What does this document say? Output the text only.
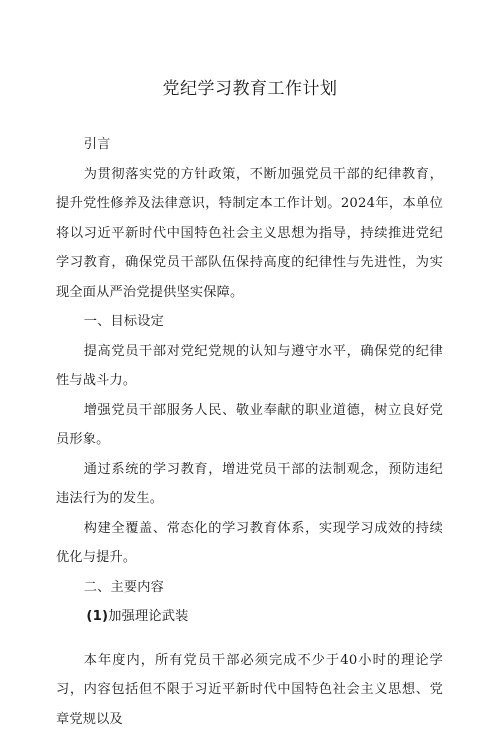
党纪学习教育工作计划

引言

为贯彻落实党的方针政策，不断加强党员干部的纪律教育，提升党性修养及法律意识，特制定本工作计划。2024年，本单位将以习近平新时代中国特色社会主义思想为指导，持续推进党纪学习教育，确保党员干部队伍保持高度的纪律性与先进性，为实现全面从严治党提供坚实保障。

一、目标设定

提高党员干部对党纪党规的认知与遵守水平，确保党的纪律性与战斗力。

增强党员干部服务人民、敬业奉献的职业道德，树立良好党员形象。

通过系统的学习教育，增进党员干部的法制观念，预防违纪违法行为的发生。

构建全覆盖、常态化的学习教育体系，实现学习成效的持续优化与提升。

二、主要内容

(1)加强理论武装

本年度内，所有党员干部必须完成不少于40小时的理论学习，内容包括但不限于习近平新时代中国特色社会主义思想、党章党规以及
